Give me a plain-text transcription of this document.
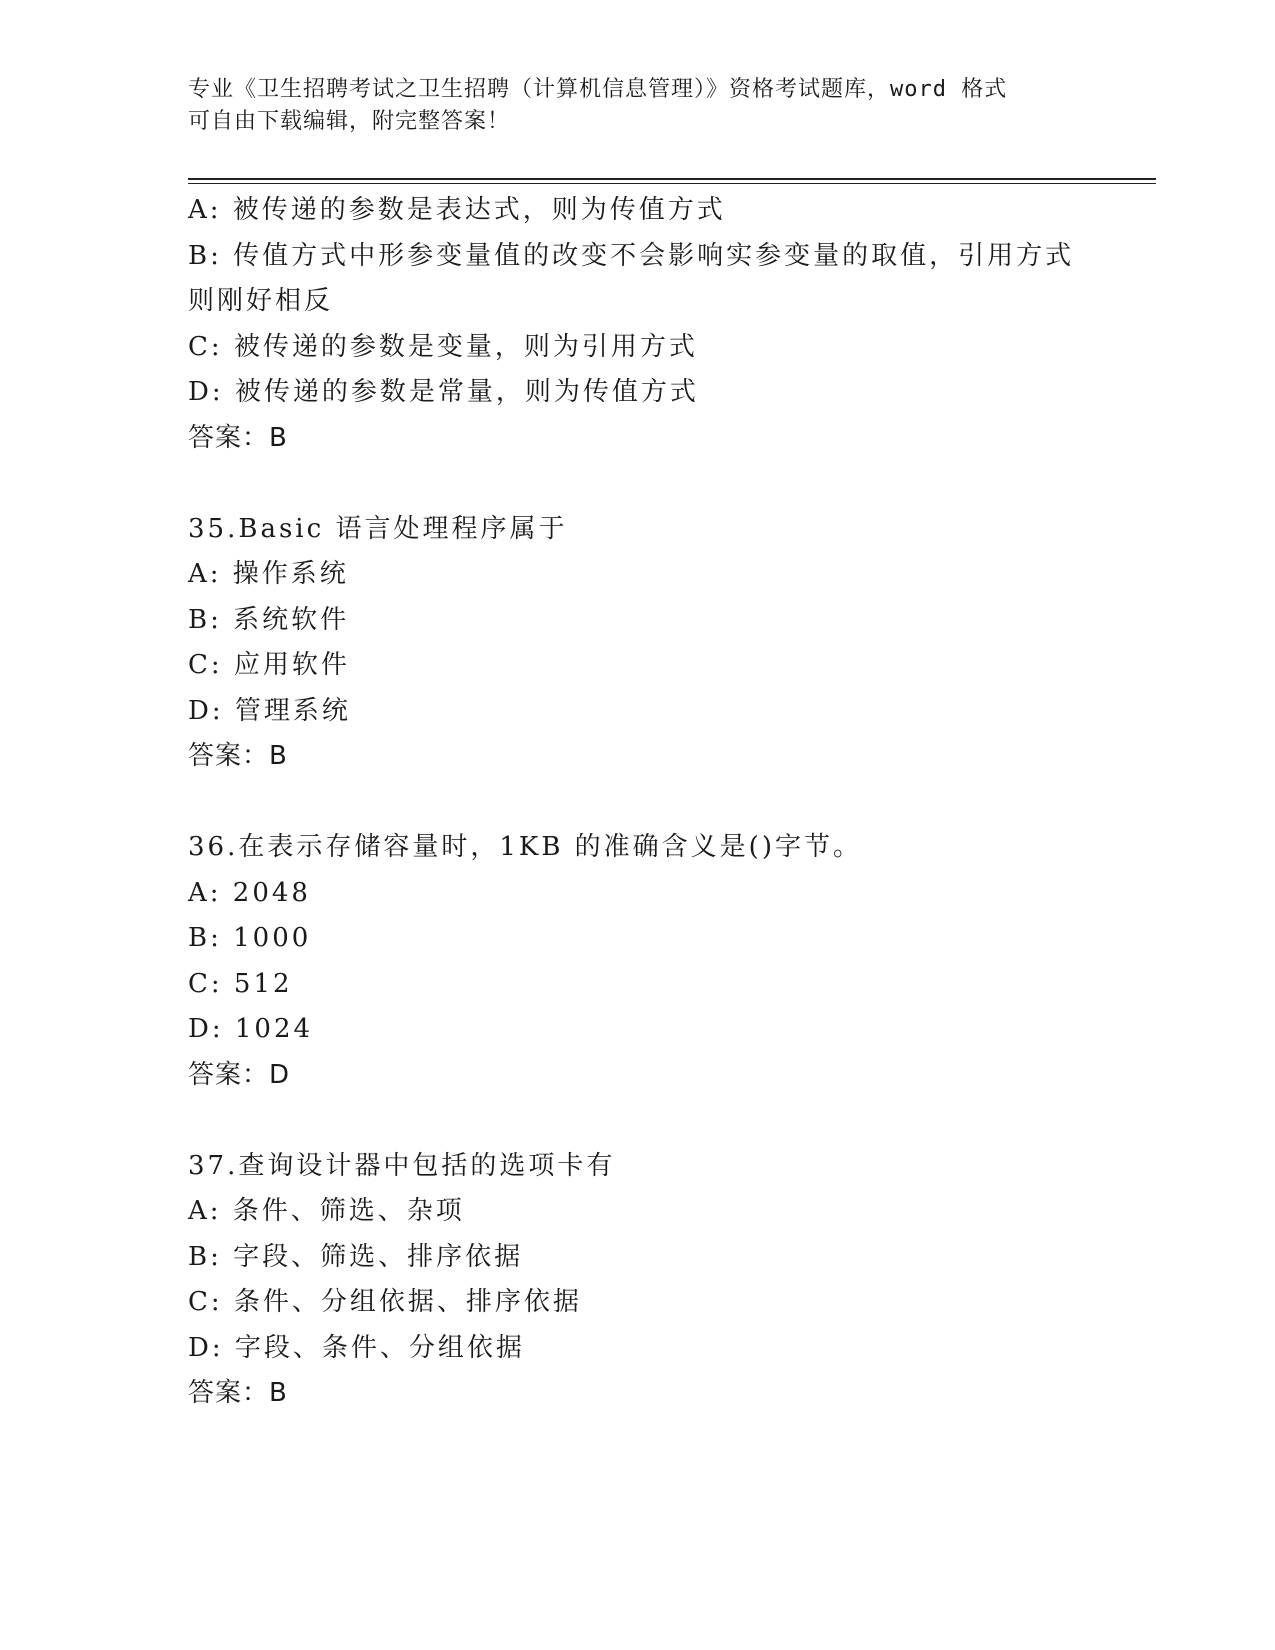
专业《卫生招聘考试之卫生招聘（计算机信息管理）》资格考试题库，word 格式
可自由下载编辑，附完整答案！
A: 被传递的参数是表达式，则为传值方式
B: 传值方式中形参变量值的改变不会影响实参变量的取值，引用方式
则刚好相反
C: 被传递的参数是变量，则为引用方式
D: 被传递的参数是常量，则为传值方式
答案：B
35.Basic 语言处理程序属于
A: 操作系统
B: 系统软件
C: 应用软件
D: 管理系统
答案：B
36.在表示存储容量时，1KB 的准确含义是()字节。
A: 2048
B: 1000
C: 512
D: 1024
答案：D
37.查询设计器中包括的选项卡有
A: 条件、筛选、杂项
B: 字段、筛选、排序依据
C: 条件、分组依据、排序依据
D: 字段、条件、分组依据
答案：B
